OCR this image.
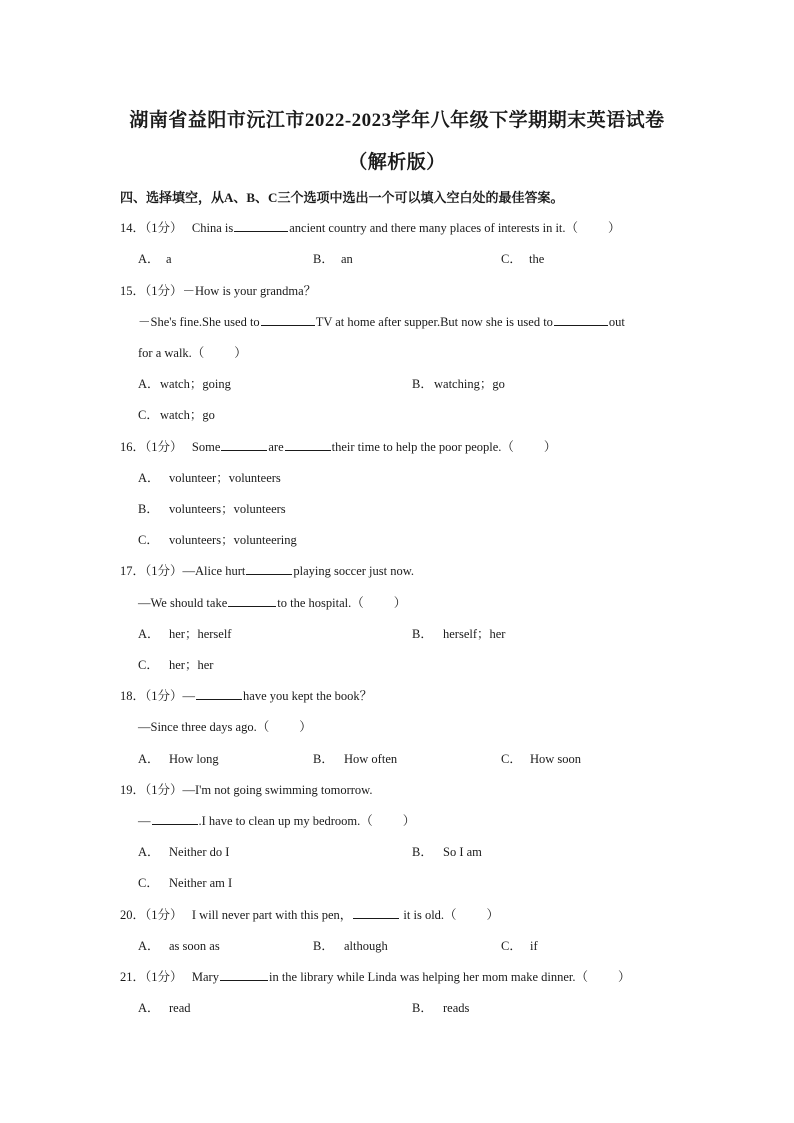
湖南省益阳市沅江市2022-2023学年八年级下学期期末英语试卷
（解析版）
四、选择填空，从A、B、C三个选项中选出一个可以填入空白处的最佳答案。
14．（1分） China is	ancient country and there many places of interests in it.（ ）
A． a	B． an	C． the
15．（1分）－How is your grandma？
－She's fine.She used to	TV at home after supper.But now she is used to	out
for a walk.（ ）
A．watch；going	B．watching；go
C．watch；go
16．（1分） Some	are	their time to help the poor people.（ ）
A． volunteer；volunteers
B． volunteers；volunteers
C． volunteers；volunteering
17．（1分）—Alice hurt	playing soccer just now.
—We should take	to the hospital.（ ）
A． her；herself	B． herself；her
C． her；her
18．（1分）—	have you kept the book？
—Since three days ago.（ ）
A． How long	B． How often	C． How soon
19．（1分）—I'm not going swimming tomorrow.
—	.I have to clean up my bedroom.（ ）
A． Neither do I	B． So I am
C． Neither am I
20．（1分） I will never part with this pen，	it is old.（ ）
A． as soon as	B． although	C． if
21．（1分） Mary	in the library while Linda was helping her mom make dinner.（ ）
A． read	B． reads
